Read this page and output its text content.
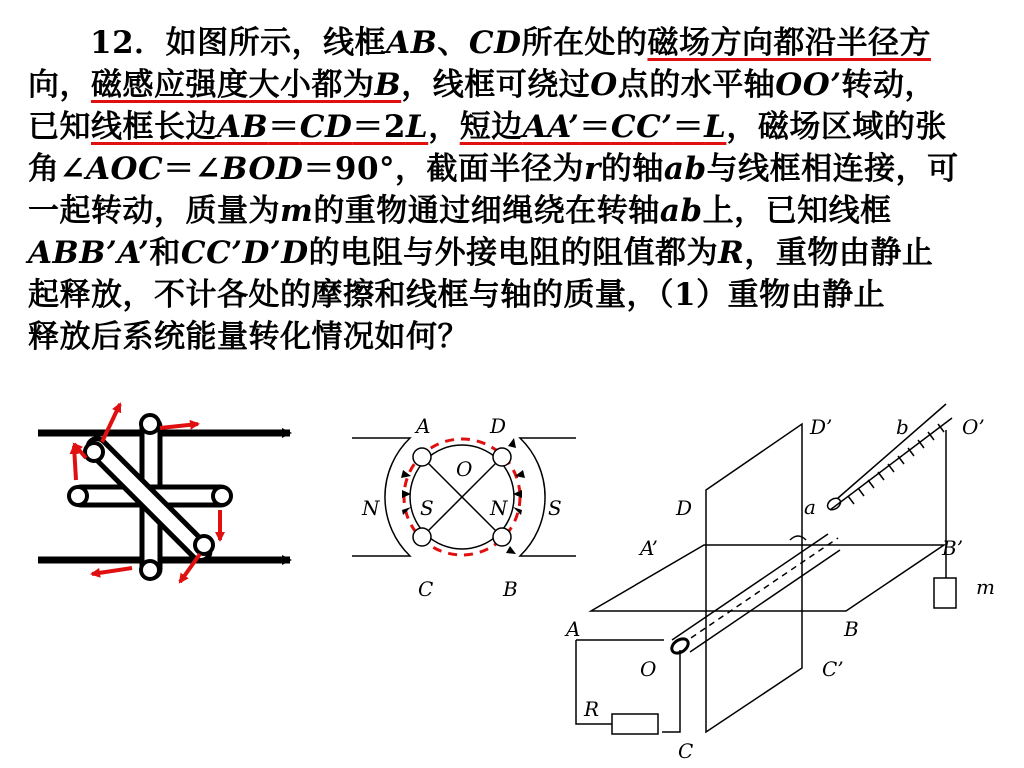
12．如图所示，线框AB、CD所在处的磁场方向都沿半径方
向，磁感应强度大小都为B，线框可绕过O点的水平轴OO’转动，
已知线框长边AB＝CD＝2L，短边AA’＝CC’＝L，磁场区域的张
角∠AOC＝∠BOD＝90°，截面半径为r的轴ab与线框相连接，可
一起转动，质量为m的重物通过细绳绕在转轴ab上，已知线框
ABB’A’和CC’D’D的电阻与外接电阻的阻值都为R，重物由静止
起释放，不计各处的摩擦和线框与轴的质量，（1）重物由静止
释放后系统能量转化情况如何？
A	D
O
N S	N S
C	B
D’	b	O’
D	a
A’	B’
m
A	B
O	C’
R
C
